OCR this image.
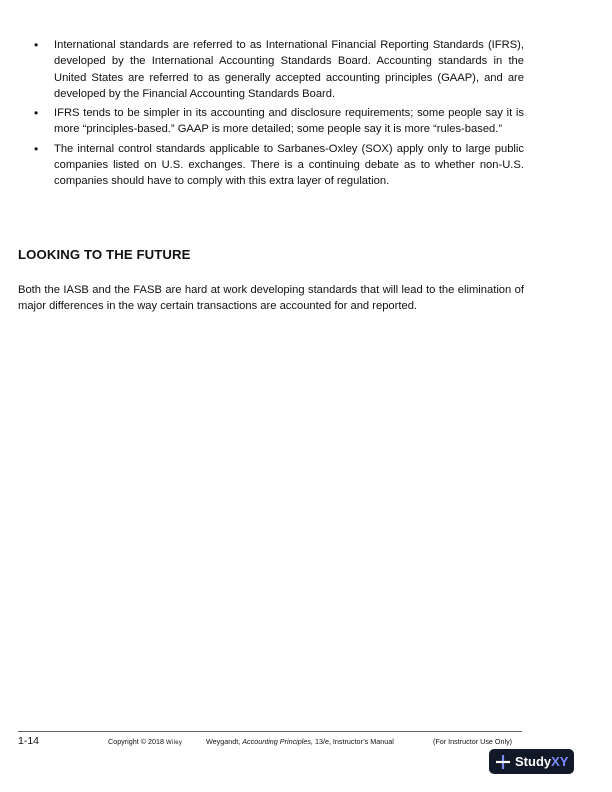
• International standards are referred to as International Financial Reporting Standards (IFRS), developed by the International Accounting Standards Board. Accounting standards in the United States are referred to as generally accepted accounting principles (GAAP), and are developed by the Financial Accounting Standards Board.
• IFRS tends to be simpler in its accounting and disclosure requirements; some people say it is more “principles-based.” GAAP is more detailed; some people say it is more “rules-based.”
• The internal control standards applicable to Sarbanes-Oxley (SOX) apply only to large public companies listed on U.S. exchanges. There is a continuing debate as to whether non-U.S. companies should have to comply with this extra layer of regulation.
LOOKING TO THE FUTURE

Both the IASB and the FASB are hard at work developing standards that will lead to the elimination of major differences in the way certain transactions are accounted for and reported.

1-14	Copyright © 2018 Wiley	Weygandt, Accounting Principles, 13/e, Instructor’s Manual	(For Instructor Use Only)
Study XY
